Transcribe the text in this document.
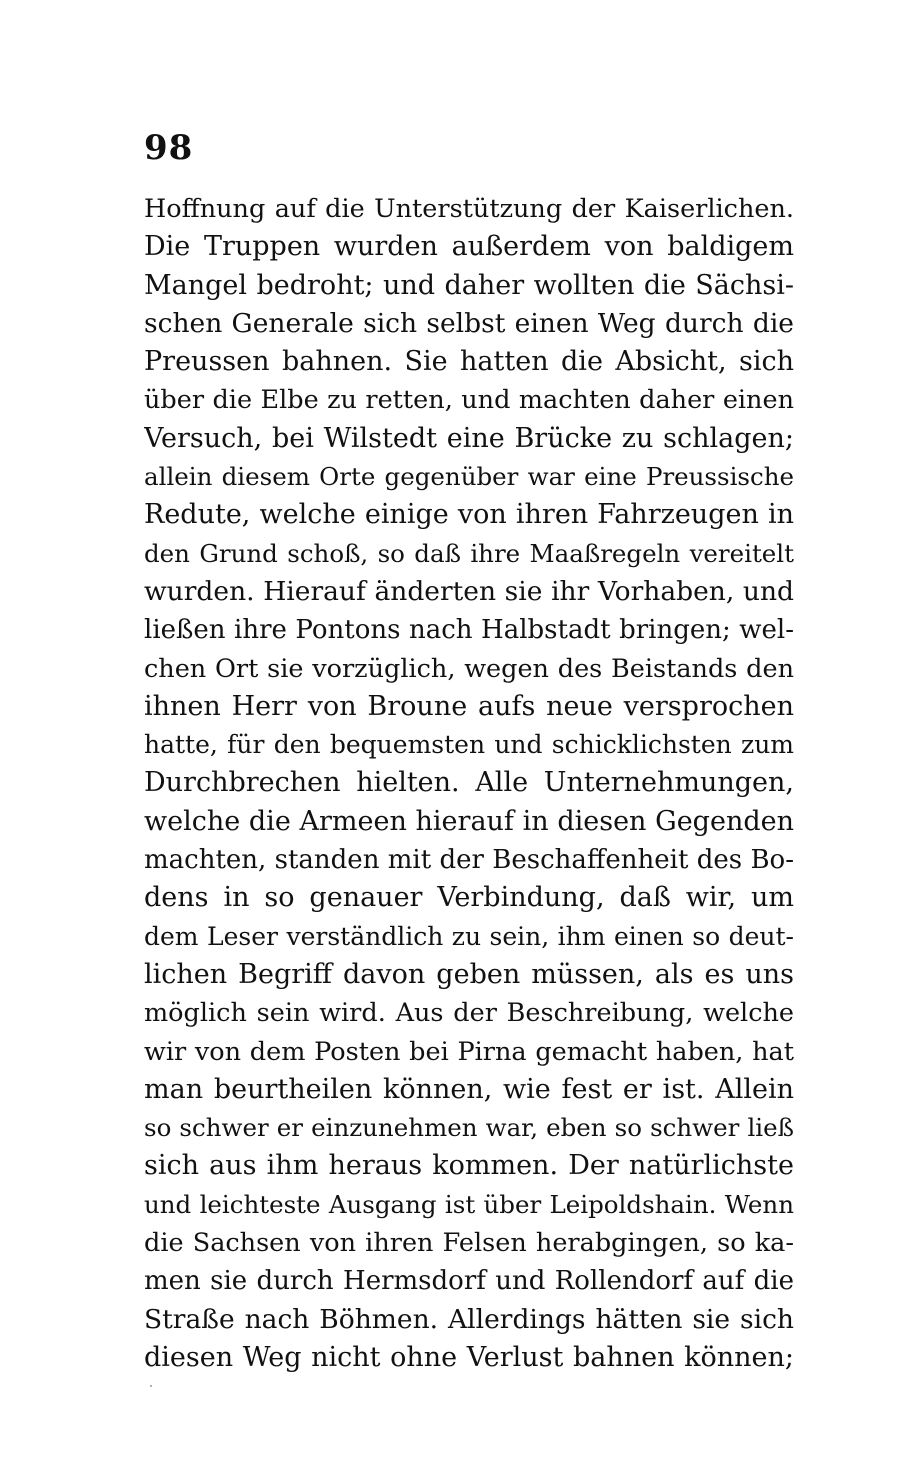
98
Hoffnung auf die Unterstützung der Kaiserlichen.
Die Truppen wurden außerdem von baldigem
Mangel bedroht; und daher wollten die Sächsi-
schen Generale sich selbst einen Weg durch die
Preussen bahnen. Sie hatten die Absicht, sich
über die Elbe zu retten, und machten daher einen
Versuch, bei Wilstedt eine Brücke zu schlagen;
allein diesem Orte gegenüber war eine Preussische
Redute, welche einige von ihren Fahrzeugen in
den Grund schoß, so daß ihre Maaßregeln vereitelt
wurden. Hierauf änderten sie ihr Vorhaben, und
ließen ihre Pontons nach Halbstadt bringen; wel-
chen Ort sie vorzüglich, wegen des Beistands den
ihnen Herr von Broune aufs neue versprochen
hatte, für den bequemsten und schicklichsten zum
Durchbrechen hielten. Alle Unternehmungen,
welche die Armeen hierauf in diesen Gegenden
machten, standen mit der Beschaffenheit des Bo-
dens in so genauer Verbindung, daß wir, um
dem Leser verständlich zu sein, ihm einen so deut-
lichen Begriff davon geben müssen, als es uns
möglich sein wird. Aus der Beschreibung, welche
wir von dem Posten bei Pirna gemacht haben, hat
man beurtheilen können, wie fest er ist. Allein
so schwer er einzunehmen war, eben so schwer ließ
sich aus ihm heraus kommen. Der natürlichste
und leichteste Ausgang ist über Leipoldshain. Wenn
die Sachsen von ihren Felsen herabgingen, so ka-
men sie durch Hermsdorf und Rollendorf auf die
Straße nach Böhmen. Allerdings hätten sie sich
diesen Weg nicht ohne Verlust bahnen können;
